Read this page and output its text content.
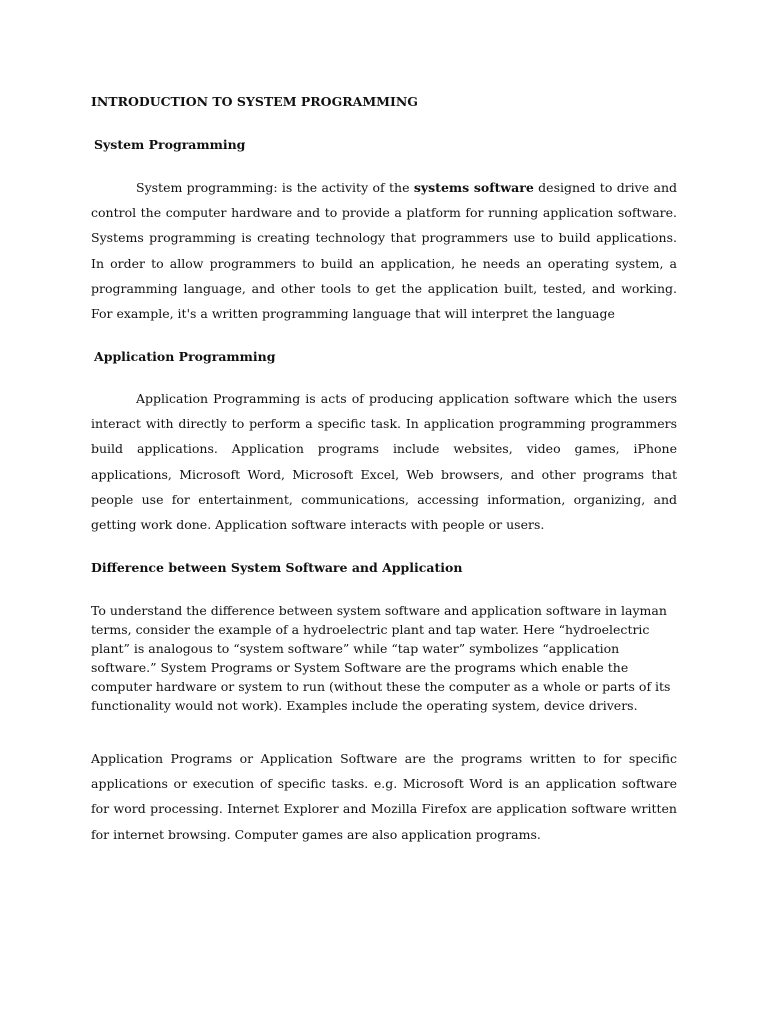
INTRODUCTION TO SYSTEM PROGRAMMING
System Programming

System programming: is the activity of the systems software designed to drive and control the computer hardware and to provide a platform for running application software. Systems programming is creating technology that programmers use to build applications. In order to allow programmers to build an application, he needs an operating system, a programming language, and other tools to get the application built, tested, and working. For example, it's a written programming language that will interpret the language

Application Programming

Application Programming is acts of producing application software which the users interact with directly to perform a specific task. In application programming programmers build applications. Application programs include websites, video games, iPhone applications, Microsoft Word, Microsoft Excel, Web browsers, and other programs that people use for entertainment, communications, accessing information, organizing, and getting work done. Application software interacts with people or users.

Difference between System Software and Application

To understand the difference between system software and application software in layman terms, consider the example of a hydroelectric plant and tap water. Here “hydroelectric plant” is analogous to “system software” while “tap water” symbolizes “application software.” System Programs or System Software are the programs which enable the computer hardware or system to run (without these the computer as a whole or parts of its functionality would not work). Examples include the operating system, device drivers.

Application Programs or Application Software are the programs written to for specific applications or execution of specific tasks. e.g. Microsoft Word is an application software for word processing. Internet Explorer and Mozilla Firefox are application software written for internet browsing. Computer games are also application programs.
